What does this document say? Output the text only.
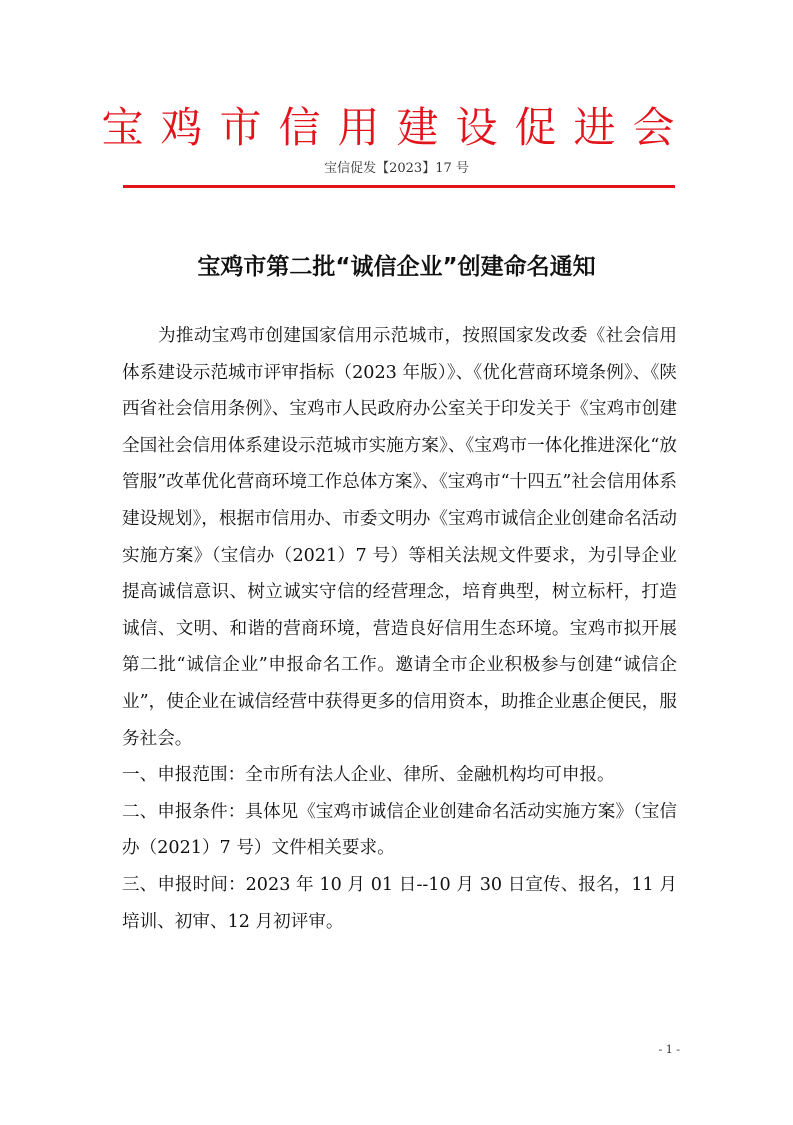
宝鸡市信用建设促进会
宝信促发【2023】17 号
宝鸡市第二批“诚信企业”创建命名通知

为推动宝鸡市创建国家信用示范城市，按照国家发改委《社会信用体系建设示范城市评审指标（2023 年版）》、《优化营商环境条例》、《陕西省社会信用条例》、宝鸡市人民政府办公室关于印发关于《宝鸡市创建全国社会信用体系建设示范城市实施方案》、《宝鸡市一体化推进深化“放管服”改革优化营商环境工作总体方案》、《宝鸡市“十四五”社会信用体系建设规划》，根据市信用办、市委文明办《宝鸡市诚信企业创建命名活动实施方案》（宝信办（2021）7 号）等相关法规文件要求，为引导企业提高诚信意识、树立诚实守信的经营理念，培育典型，树立标杆，打造诚信、文明、和谐的营商环境，营造良好信用生态环境。宝鸡市拟开展第二批“诚信企业”申报命名工作。邀请全市企业积极参与创建“诚信企业”，使企业在诚信经营中获得更多的信用资本，助推企业惠企便民，服务社会。

一、申报范围：全市所有法人企业、律所、金融机构均可申报。

二、申报条件：具体见《宝鸡市诚信企业创建命名活动实施方案》（宝信办（2021）7 号）文件相关要求。

三、申报时间：2023 年 10 月 01 日--10 月 30 日宣传、报名，11 月培训、初审、12 月初评审。

- 1 -
